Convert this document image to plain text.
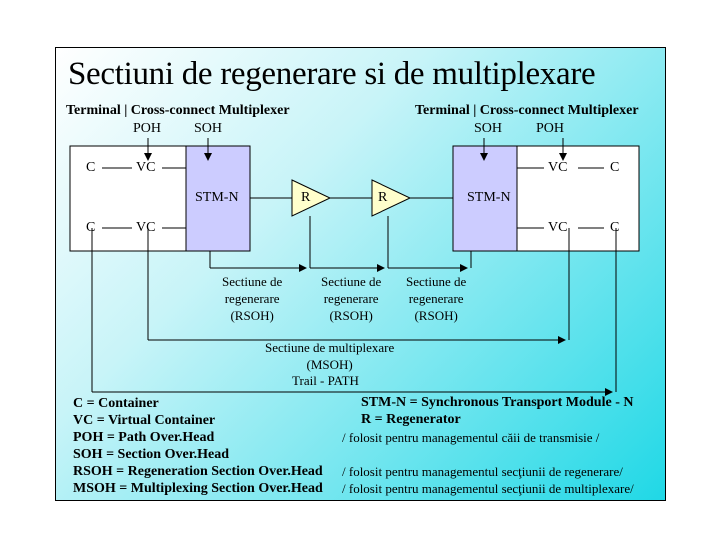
Sectiuni de regenerare si de multiplexare
Terminal | Cross-connect Multiplexer	Terminal | Cross-connect Multiplexer
POH SOH	SOH POH
C	VC
C	VC
STM-N
VC	C
VC	C
STM-N
R	R
Sectiune de
regenerare
(RSOH)
Sectiune de
regenerare
(RSOH)
Sectiune de
regenerare
(RSOH)
Sectiune de multiplexare
(MSOH)
Trail - PATH
C = Container
VC = Virtual Container
POH = Path Over.Head
SOH = Section Over.Head
RSOH = Regeneration Section Over.Head
MSOH = Multiplexing Section Over.Head
STM-N = Synchronous Transport Module - N
R = Regenerator
/ folosit pentru managementul căii de transmisie /
/ folosit pentru managementul secţiunii de regenerare/
/ folosit pentru managementul secţiunii de multiplexare/
